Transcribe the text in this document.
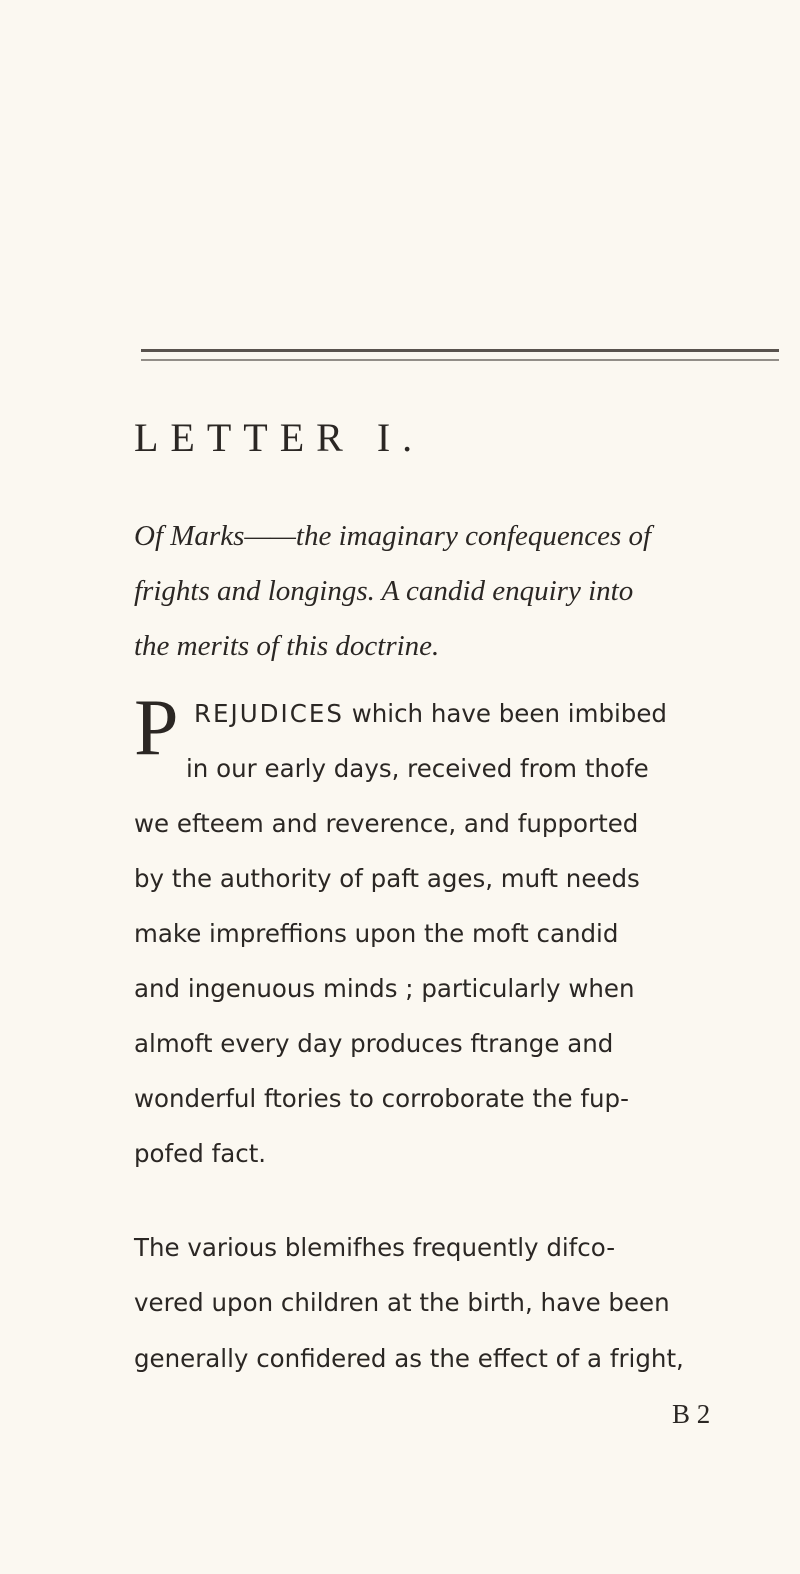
LETTER I.
Of Marks——the imaginary confequences of
frights and longings. A candid enquiry into
the merits of this doctrine.
P REJUDICES which have been imbibed
in our early days, received from thofe
we efteem and reverence, and fupported
by the authority of paft ages, muft needs
make impreffions upon the moft candid
and ingenuous minds ; particularly when
almoft every day produces ftrange and
wonderful ftories to corroborate the fup-
pofed fact.
The various blemifhes frequently difco-
vered upon children at the birth, have been
generally confidered as the effect of a fright,
B 2
